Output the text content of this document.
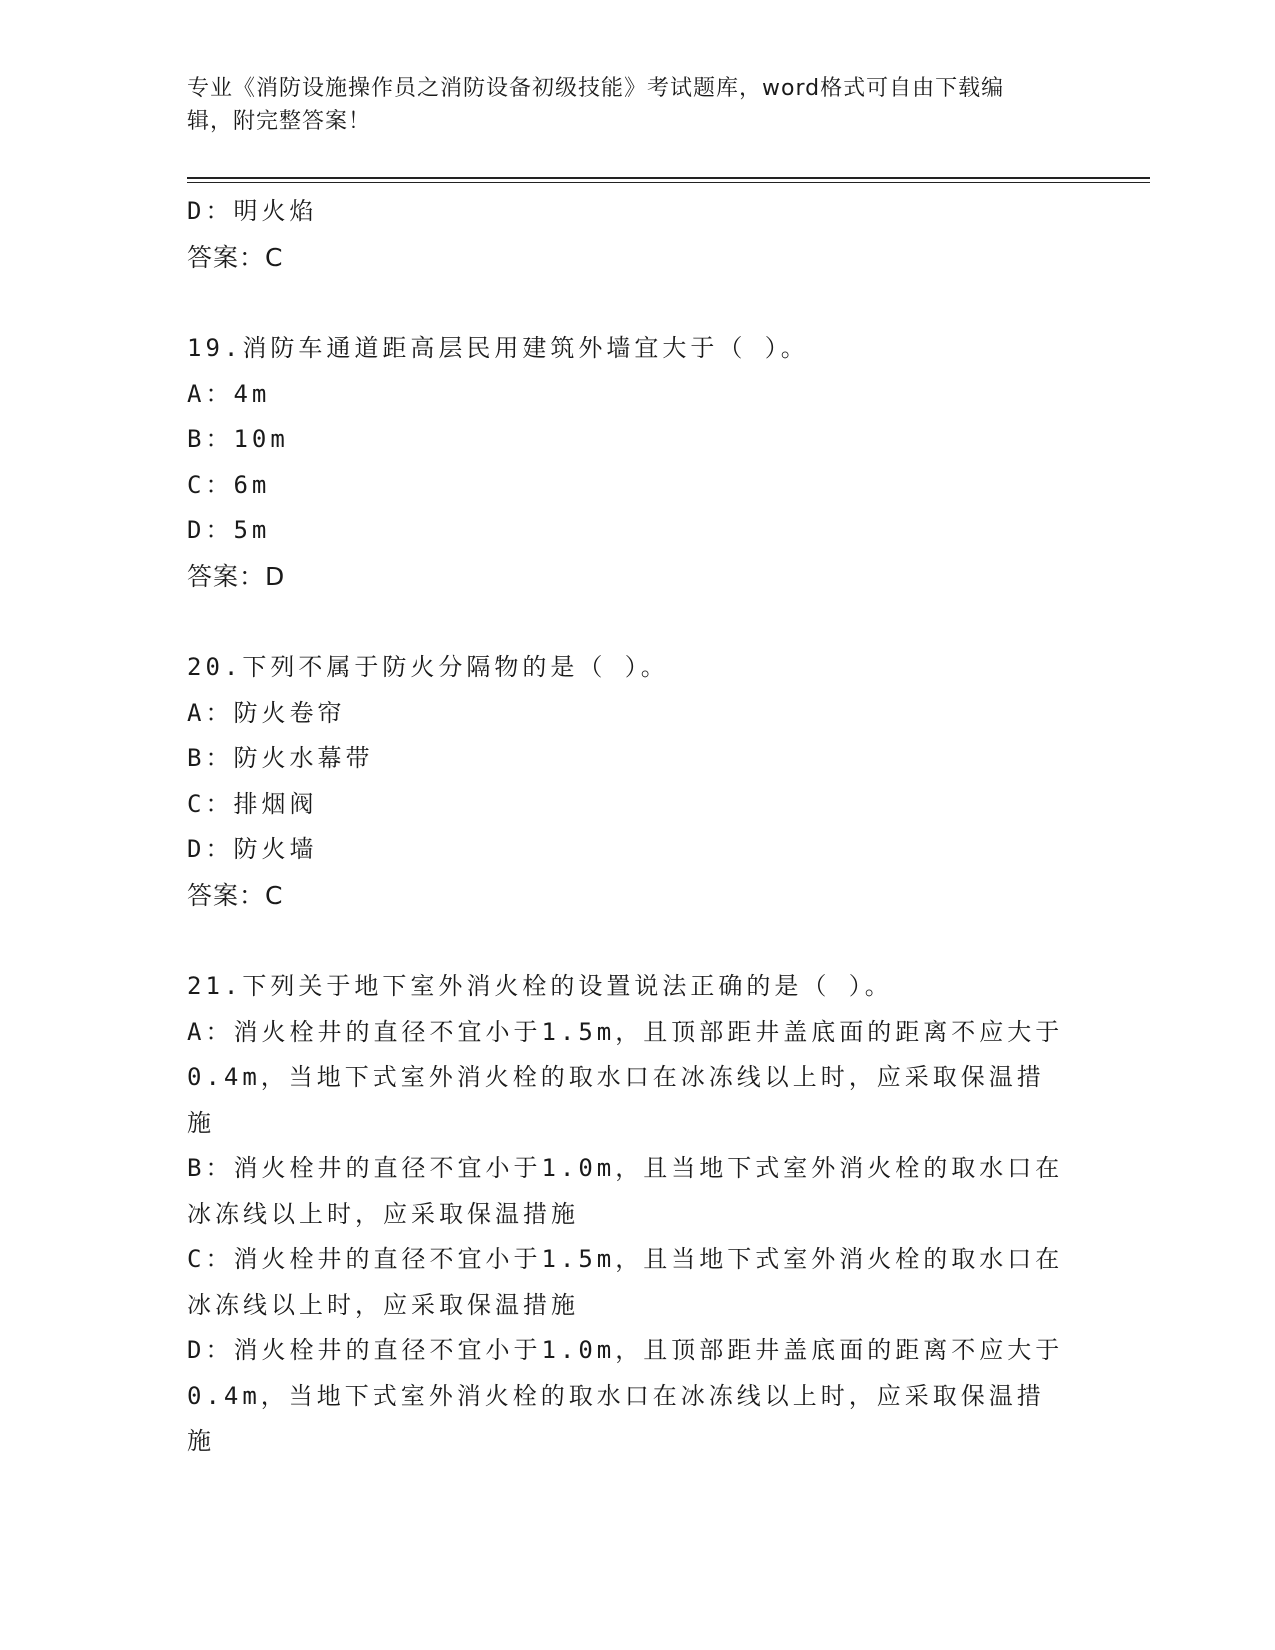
专业《消防设施操作员之消防设备初级技能》考试题库，word格式可自由下载编
辑，附完整答案！
D：明火焰
答案：C
19.消防车通道距高层民用建筑外墙宜大于（ ）。
A：4m
B：10m
C：6m
D：5m
答案：D
20.下列不属于防火分隔物的是（ ）。
A：防火卷帘
B：防火水幕带
C：排烟阀
D：防火墙
答案：C
21.下列关于地下室外消火栓的设置说法正确的是（ ）。
A：消火栓井的直径不宜小于1.5m，且顶部距井盖底面的距离不应大于
0.4m，当地下式室外消火栓的取水口在冰冻线以上时，应采取保温措
施
B：消火栓井的直径不宜小于1.0m，且当地下式室外消火栓的取水口在
冰冻线以上时，应采取保温措施
C：消火栓井的直径不宜小于1.5m，且当地下式室外消火栓的取水口在
冰冻线以上时，应采取保温措施
D：消火栓井的直径不宜小于1.0m，且顶部距井盖底面的距离不应大于
0.4m，当地下式室外消火栓的取水口在冰冻线以上时，应采取保温措
施
